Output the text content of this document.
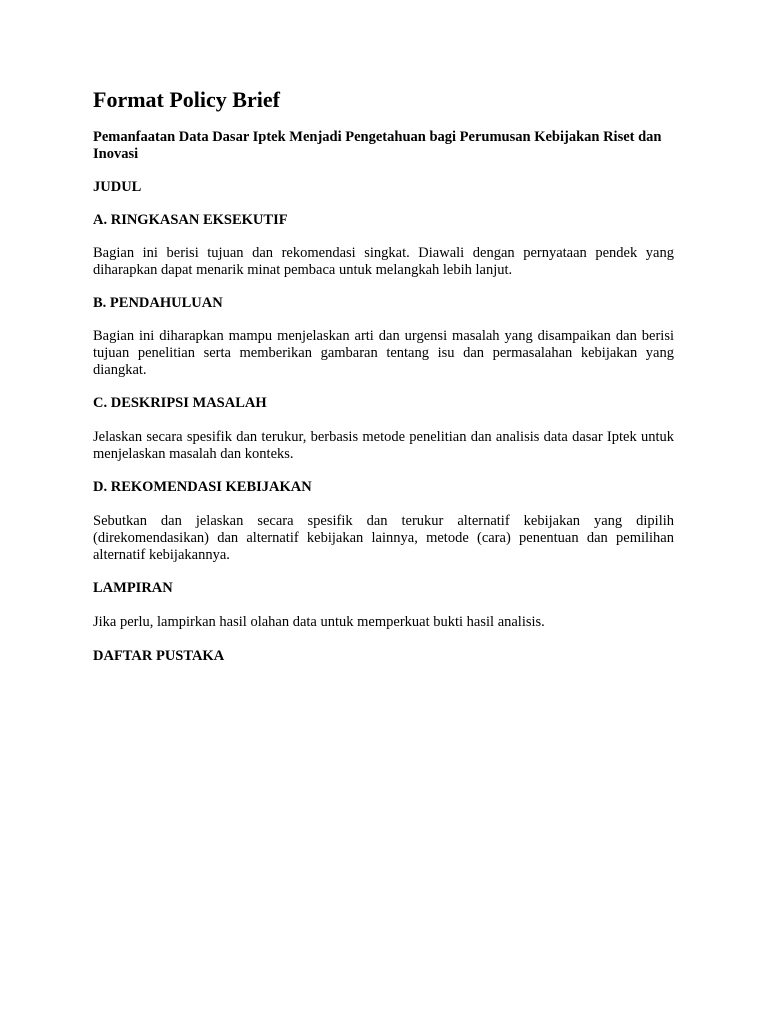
Format Policy Brief

Pemanfaatan Data Dasar Iptek Menjadi Pengetahuan bagi Perumusan Kebijakan Riset dan Inovasi

JUDUL

A. RINGKASAN EKSEKUTIF

Bagian ini berisi tujuan dan rekomendasi singkat. Diawali dengan pernyataan pendek yang diharapkan dapat menarik minat pembaca untuk melangkah lebih lanjut.

B. PENDAHULUAN

Bagian ini diharapkan mampu menjelaskan arti dan urgensi masalah yang disampaikan dan berisi tujuan penelitian serta memberikan gambaran tentang isu dan permasalahan kebijakan yang diangkat.

C. DESKRIPSI MASALAH

Jelaskan secara spesifik dan terukur, berbasis metode penelitian dan analisis data dasar Iptek untuk menjelaskan masalah dan konteks.

D. REKOMENDASI KEBIJAKAN

Sebutkan dan jelaskan secara spesifik dan terukur alternatif kebijakan yang dipilih (direkomendasikan) dan alternatif kebijakan lainnya, metode (cara) penentuan dan pemilihan alternatif kebijakannya.

LAMPIRAN

Jika perlu, lampirkan hasil olahan data untuk memperkuat bukti hasil analisis.

DAFTAR PUSTAKA
